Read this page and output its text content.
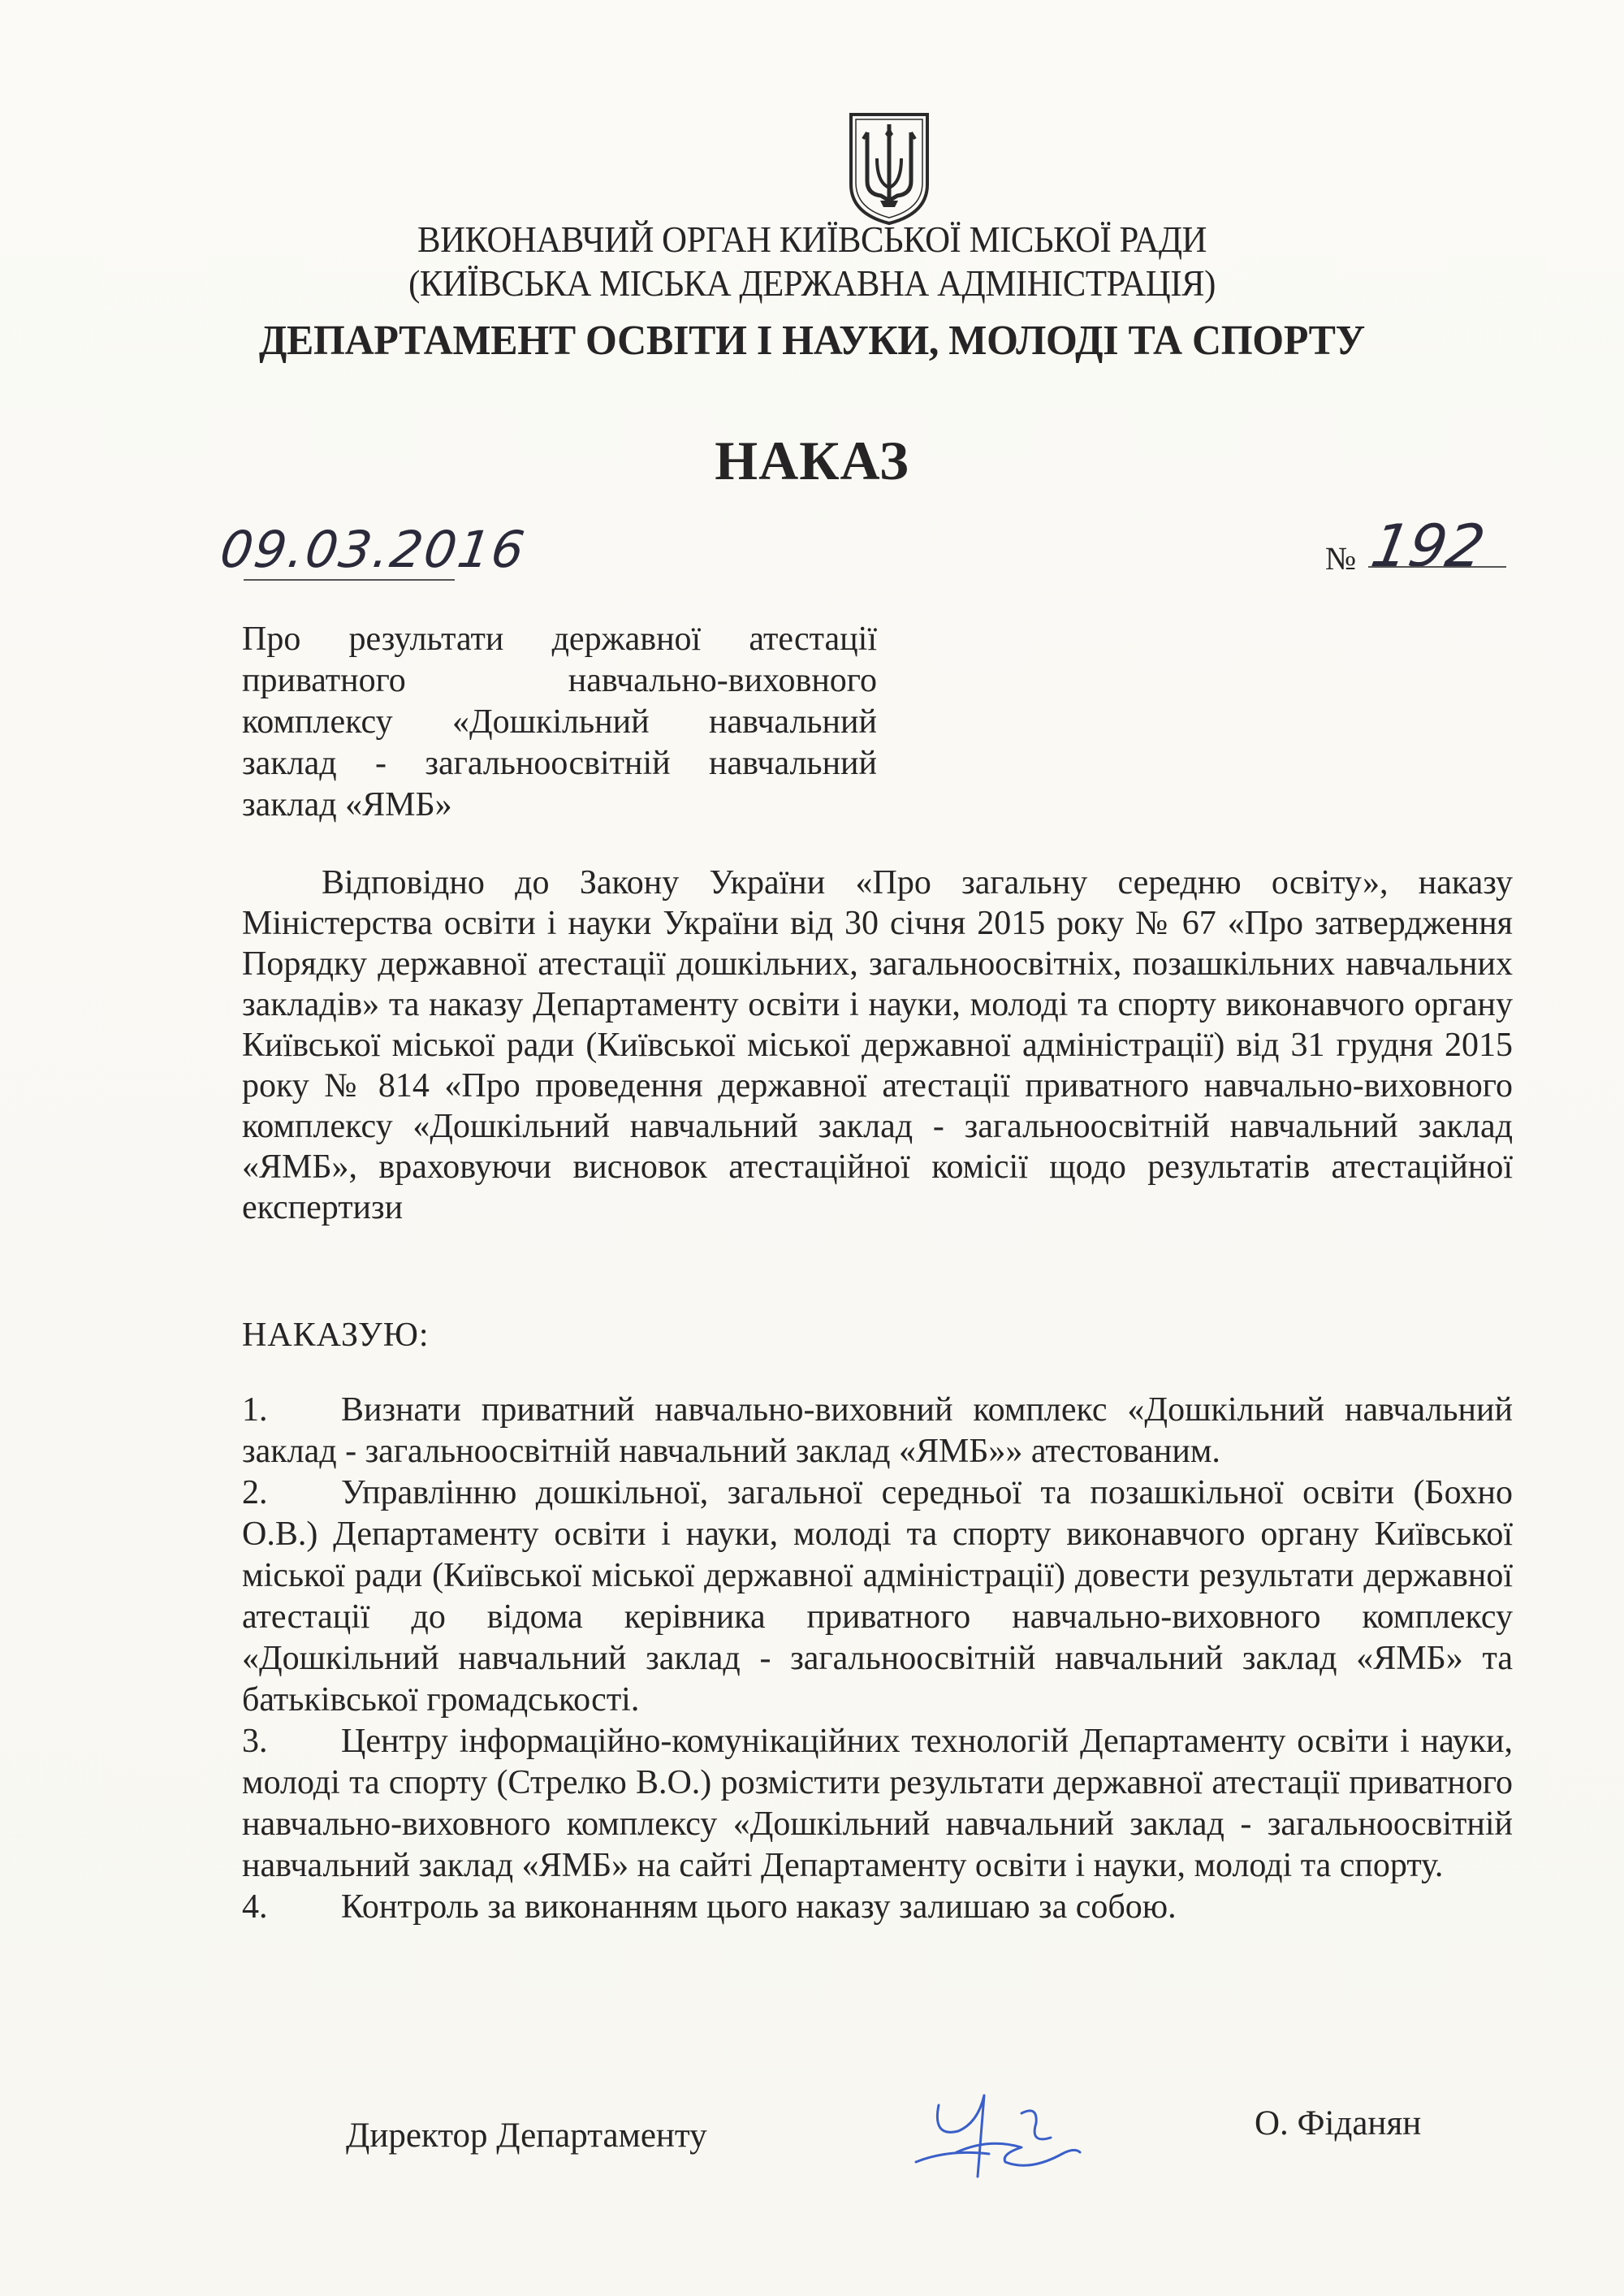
ВИКОНАВЧИЙ ОРГАН КИЇВСЬКОЇ МІСЬКОЇ РАДИ
(КИЇВСЬКА МІСЬКА ДЕРЖАВНА АДМІНІСТРАЦІЯ)
ДЕПАРТАМЕНТ ОСВІТИ І НАУКИ, МОЛОДІ ТА СПОРТУ
НАКАЗ
09.03.2016	№ 192
Про результати державної атестації приватного навчально-виховного комплексу «Дошкільний навчальний заклад - загальноосвітній навчальний заклад «ЯМБ»
Відповідно до Закону України «Про загальну середню освіту», наказу Міністерства освіти і науки України від 30 січня 2015 року № 67 «Про затвердження Порядку державної атестації дошкільних, загальноосвітніх, позашкільних навчальних закладів» та наказу Департаменту освіти і науки, молоді та спорту виконавчого органу Київської міської ради (Київської міської державної адміністрації) від 31 грудня 2015 року № 814 «Про проведення державної атестації приватного навчально-виховного комплексу «Дошкільний навчальний заклад - загальноосвітній навчальний заклад «ЯМБ», враховуючи висновок атестаційної комісії щодо результатів атестаційної експертизи
НАКАЗУЮ:
1. Визнати приватний навчально-виховний комплекс «Дошкільний навчальний заклад - загальноосвітній навчальний заклад «ЯМБ»» атестованим.
2. Управлінню дошкільної, загальної середньої та позашкільної освіти (Бохно О.В.) Департаменту освіти і науки, молоді та спорту виконавчого органу Київської міської ради (Київської міської державної адміністрації) довести результати державної атестації до відома керівника приватного навчально-виховного комплексу «Дошкільний навчальний заклад - загальноосвітній навчальний заклад «ЯМБ» та батьківської громадськості.
3. Центру інформаційно-комунікаційних технологій Департаменту освіти і науки, молоді та спорту (Стрелко В.О.) розмістити результати державної атестації приватного навчально-виховного комплексу «Дошкільний навчальний заклад - загальноосвітній навчальний заклад «ЯМБ» на сайті Департаменту освіти і науки, молоді та спорту.
4. Контроль за виконанням цього наказу залишаю за собою.
Директор Департаменту	О. Фіданян
